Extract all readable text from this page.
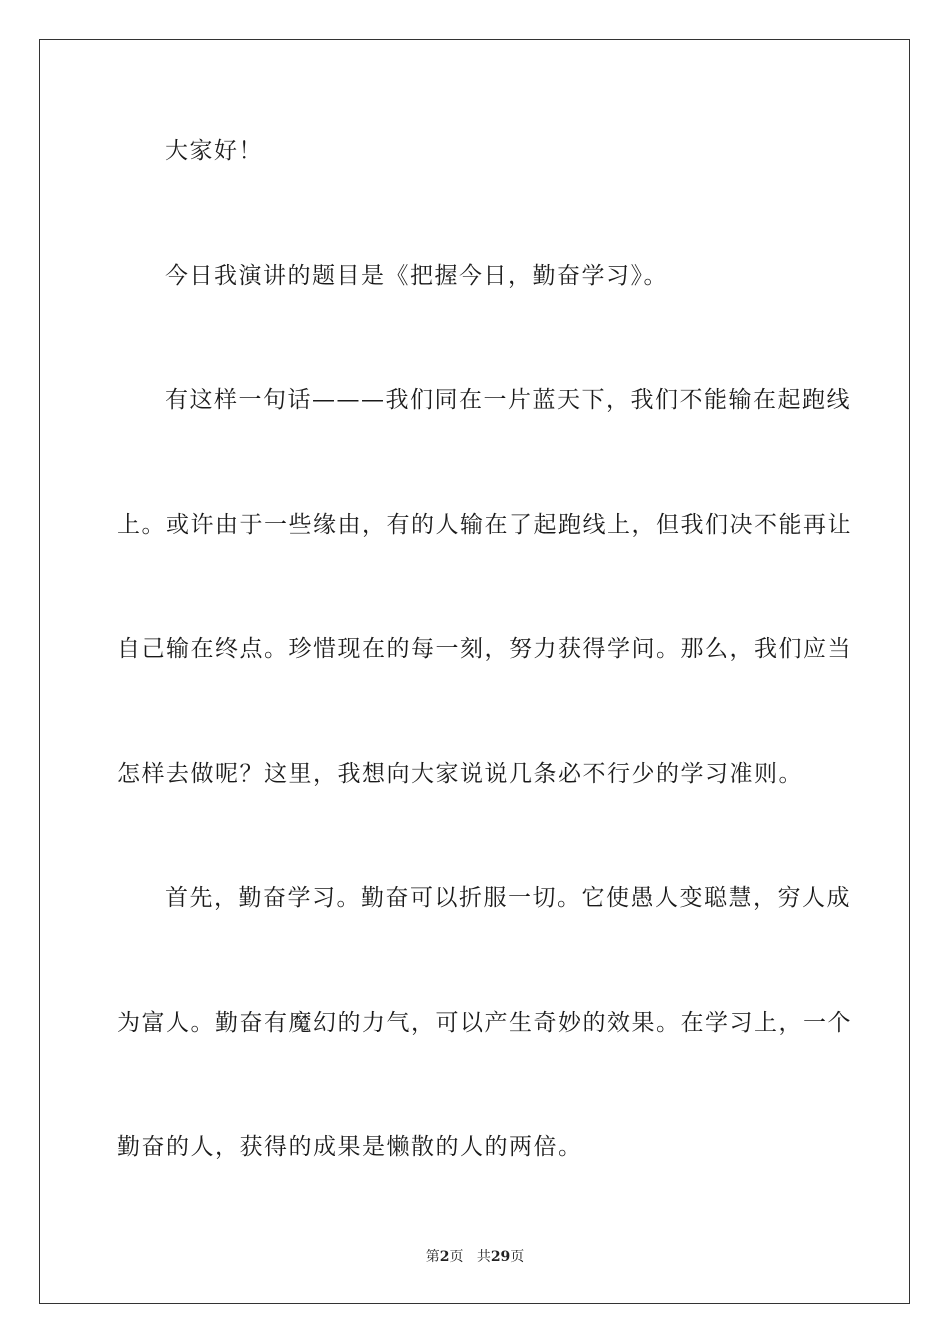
大家好！
今日我演讲的题目是《把握今日，勤奋学习》。
有这样一句话———我们同在一片蓝天下，我们不能输在起跑线
上。或许由于一些缘由，有的人输在了起跑线上，但我们决不能再让
自己输在终点。珍惜现在的每一刻，努力获得学问。那么，我们应当
怎样去做呢？这里，我想向大家说说几条必不行少的学习准则。
首先，勤奋学习。勤奋可以折服一切。它使愚人变聪慧，穷人成
为富人。勤奋有魔幻的力气，可以产生奇妙的效果。在学习上，一个
勤奋的人，获得的成果是懒散的人的两倍。
第2页 共29页
